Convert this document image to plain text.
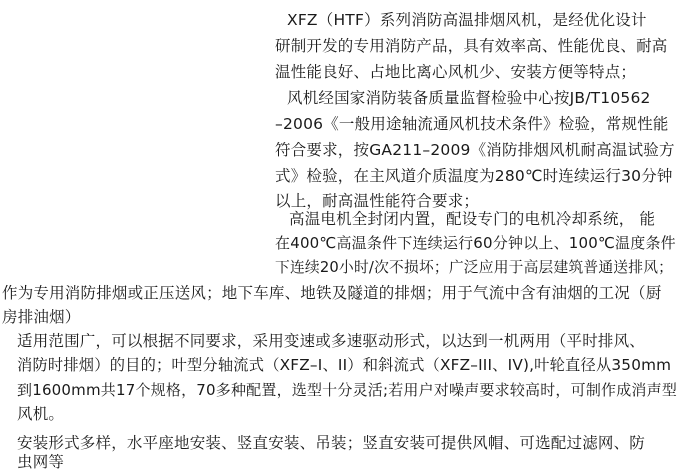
XFZ（HTF）系列消防高温排烟风机，是经优化设计
研制开发的专用消防产品，具有效率高、性能优良、耐高
温性能良好、占地比离心风机少、安装方便等特点；
风机经国家消防装备质量监督检验中心按JB/T10562
–2006《一般用途轴流通风机技术条件》检验，常规性能
符合要求，按GA211–2009《消防排烟风机耐高温试验方
式》检验，在主风道介质温度为280℃时连续运行30分钟
以上，耐高温性能符合要求；
高温电机全封闭内置，配设专门的电机冷却系统， 能
在400℃高温条件下连续运行60分钟以上、100℃温度条件
下连续20小时/次不损坏；广泛应用于高层建筑普通送排风；
作为专用消防排烟或正压送风；地下车库、地铁及隧道的排烟；用于气流中含有油烟的工况（厨
房排油烟）
适用范围广，可以根据不同要求，采用变速或多速驱动形式，以达到一机两用（平时排风、
消防时排烟）的目的；叶型分轴流式（XFZ–I、II）和斜流式（XFZ–III、IV),叶轮直径从350mm
到1600mm共17个规格，70多种配置，选型十分灵活;若用户对噪声要求较高时，可制作成消声型
风机。
安装形式多样，水平座地安装、竖直安装、吊装；竖直安装可提供风帽、可选配过滤网、防
虫网等
